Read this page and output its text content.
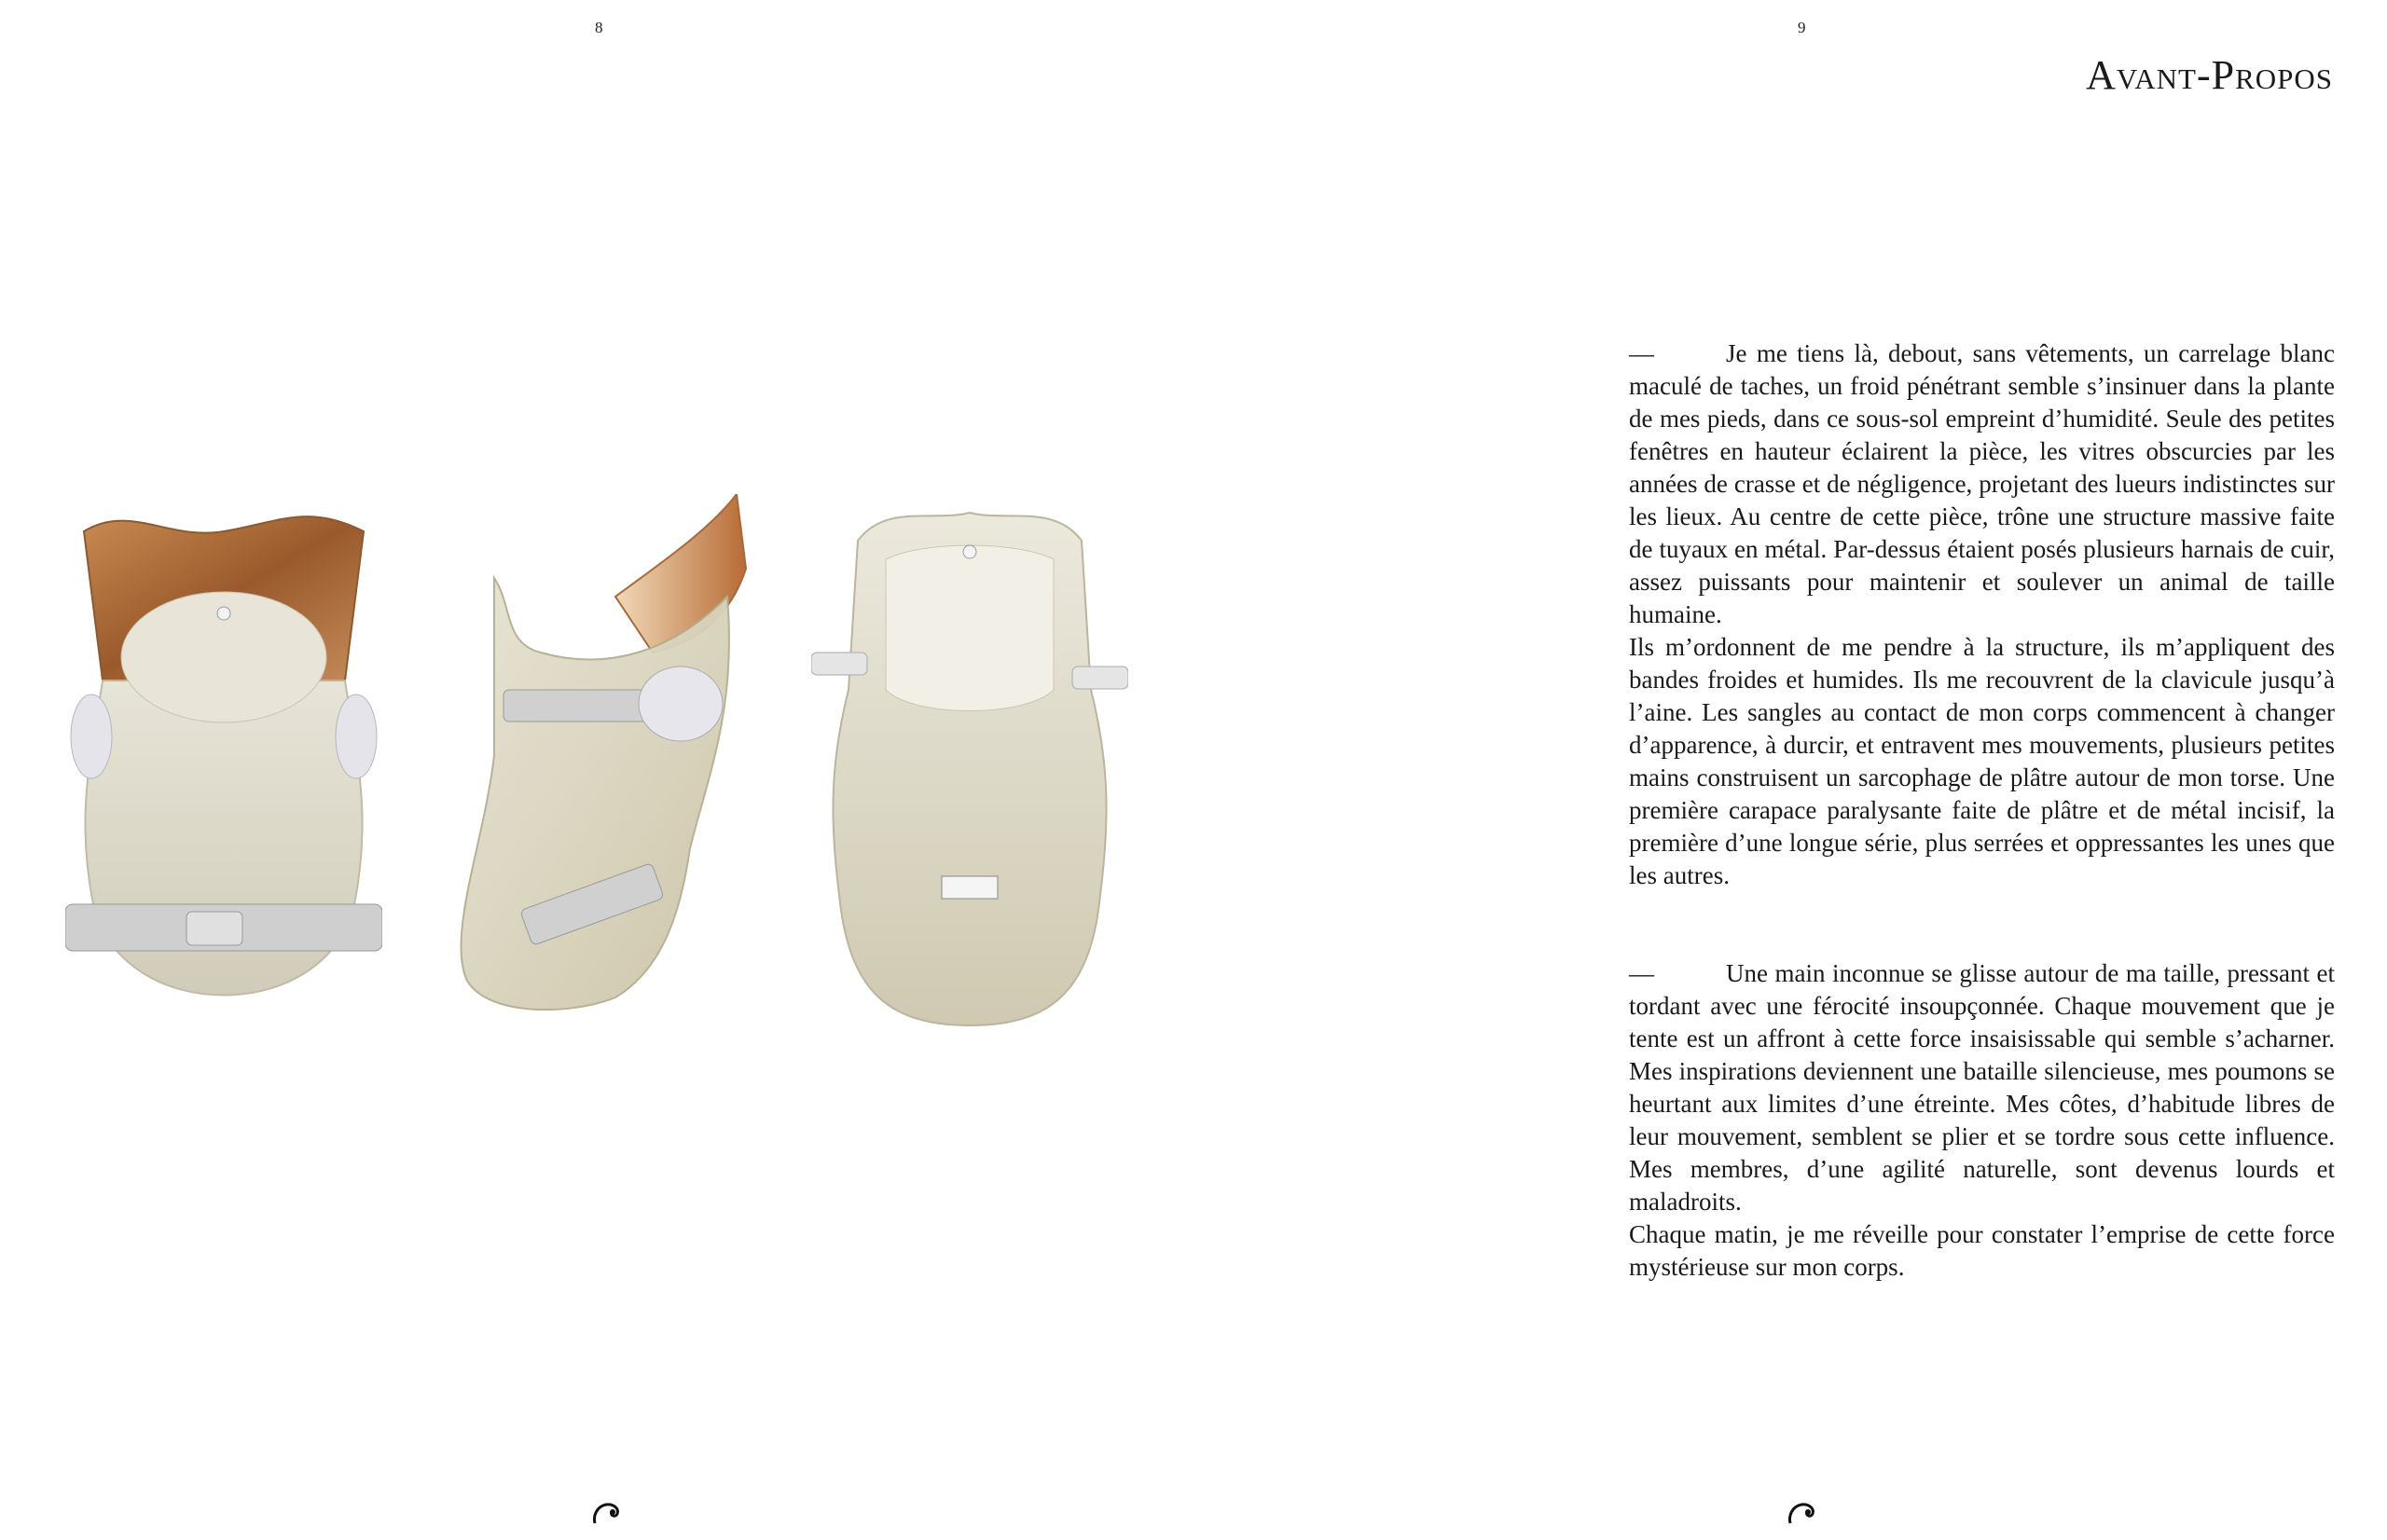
8	9
Avant-Propos

—	Je me tiens là, debout, sans vêtements, un carrelage blanc maculé de taches, un froid pénétrant semble s’insinuer dans la plante de mes pieds, dans ce sous-sol empreint d’humidité. Seule des petites fenêtres en hauteur éclairent la pièce, les vitres obscurcies par les années de crasse et de négligence, projetant des lueurs indistinctes sur les lieux. Au centre de cette pièce, trône une structure massive faite de tuyaux en métal. Par-dessus étaient posés plusieurs harnais de cuir, assez puissants pour maintenir et soulever un animal de taille humaine.

Ils m’ordonnent de me pendre à la structure, ils m’appliquent des bandes froides et humides. Ils me recouvrent de la clavicule jusqu’à l’aine. Les sangles au contact de mon corps commencent à changer d’apparence, à durcir, et entravent mes mouvements, plusieurs petites mains construisent un sarcophage de plâtre autour de mon torse. Une première carapace paralysante faite de plâtre et de métal incisif, la première d’une longue série, plus serrées et oppressantes les unes que les autres.

—	Une main inconnue se glisse autour de ma taille, pressant et tordant avec une férocité insoupçonnée. Chaque mouvement que je tente est un affront à cette force insaisissable qui semble s’acharner. Mes inspirations deviennent une bataille silencieuse, mes poumons se heurtant aux limites d’une étreinte. Mes côtes, d’habitude libres de leur mouvement, semblent se plier et se tordre sous cette influence. Mes membres, d’une agilité naturelle, sont devenus lourds et maladroits.

Chaque matin, je me réveille pour constater l’emprise de cette force mystérieuse sur mon corps.
